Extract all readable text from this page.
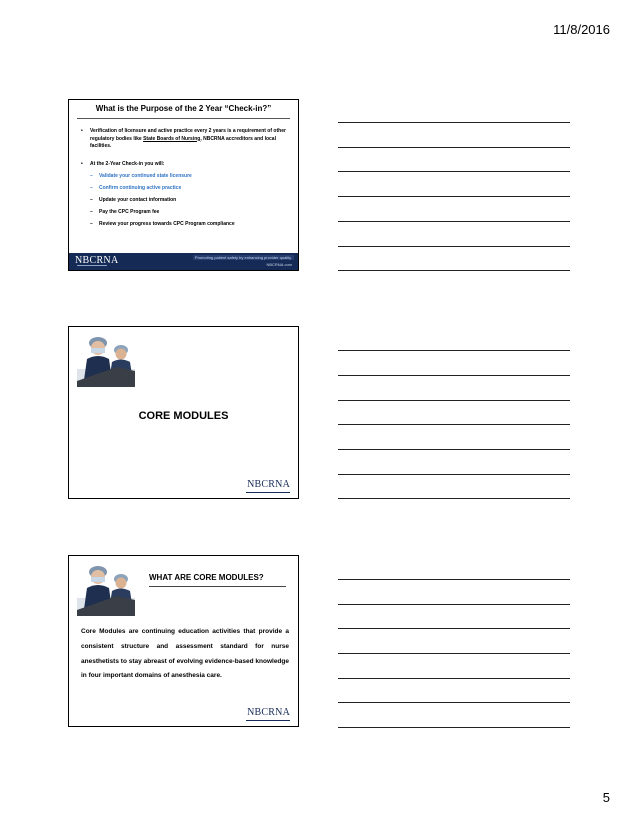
11/8/2016
What is the Purpose of the 2 Year “Check-in?”
•	Verification of licensure and active practice every 2 years is a requirement of other regulatory bodies like State Boards of Nursing, NBCRNA accreditors and local facilities.
•	At the 2-Year Check-in you will:
– Validate your continued state licensure
– Confirm continuing active practice
– Update your contact information
– Pay the CPC Program fee
– Review your progress towards CPC Program compliance
NBCRNA	Promoting patient safety by enhancing provider quality.
NBCRNA.com
CORE MODULES
NBCRNA
WHAT ARE CORE MODULES?
Core Modules are continuing education activities that provide a consistent structure and assessment standard for nurse anesthetists to stay abreast of evolving evidence-based knowledge in four important domains of anesthesia care.
NBCRNA
5
